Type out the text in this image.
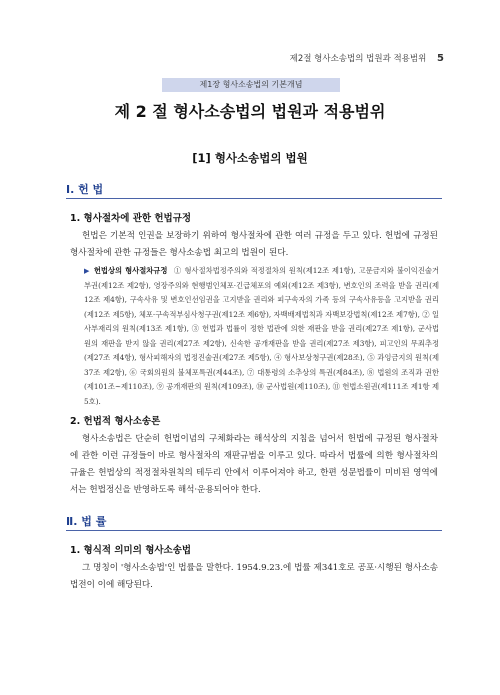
제2절 형사소송법의 법원과 적용범위 5
제1장 형사소송법의 기본개념
제 2 절 형사소송법의 법원과 적용범위
[1] 형사소송법의 법원
Ⅰ. 헌 법
1. 형사절차에 관한 헌법규정

헌법은 기본적 인권을 보장하기 위하여 형사절차에 관한 여러 규정을 두고 있다. 헌법에 규정된 형사절차에 관한 규정들은 형사소송법 최고의 법원이 된다.

▶ 헌법상의 형사절차규정 ① 형사절차법정주의와 적정절차의 원칙(제12조 제1항), 고문금지와 불이익진술거부권(제12조 제2항), 영장주의와 현행범인체포·긴급체포의 예외(제12조 제3항), 변호인의 조력을 받을 권리(제12조 제4항), 구속사유 및 변호인선임권을 고지받을 권리와 피구속자의 가족 등의 구속사유등을 고지받을 권리(제12조 제5항), 체포·구속적부심사청구권(제12조 제6항), 자백배제법칙과 자백보강법칙(제12조 제7항), ② 일사부재리의 원칙(제13조 제1항), ③ 헌법과 법률이 정한 법관에 의한 재판을 받을 권리(제27조 제1항), 군사법원의 재판을 받지 않을 권리(제27조 제2항), 신속한 공개재판을 받을 권리(제27조 제3항), 피고인의 무죄추정(제27조 제4항), 형사피해자의 법정진술권(제27조 제5항), ④ 형사보상청구권(제28조), ⑤ 과잉금지의 원칙(제37조 제2항), ⑥ 국회의원의 불체포특권(제44조), ⑦ 대통령의 소추상의 특권(제84조), ⑧ 법원의 조직과 권한(제101조~제110조), ⑨ 공개재판의 원칙(제109조), ⑩ 군사법원(제110조), ⑪ 헌법소원권(제111조 제1항 제5호).

2. 헌법적 형사소송론

형사소송법은 단순히 헌법이념의 구체화라는 해석상의 지침을 넘어서 헌법에 규정된 형사절차에 관한 이런 규정들이 바로 형사절차의 재판규범을 이루고 있다. 따라서 법률에 의한 형사절차의 규율은 헌법상의 적정절차원칙의 테두리 안에서 이루어져야 하고, 한편 성문법률이 미비된 영역에서는 헌법정신을 반영하도록 해석·운용되어야 한다.

Ⅱ. 법 률
1. 형식적 의미의 형사소송법

그 명칭이 '형사소송법'인 법률을 말한다. 1954.9.23.에 법률 제341호로 공포·시행된 형사소송법전이 이에 해당된다.
